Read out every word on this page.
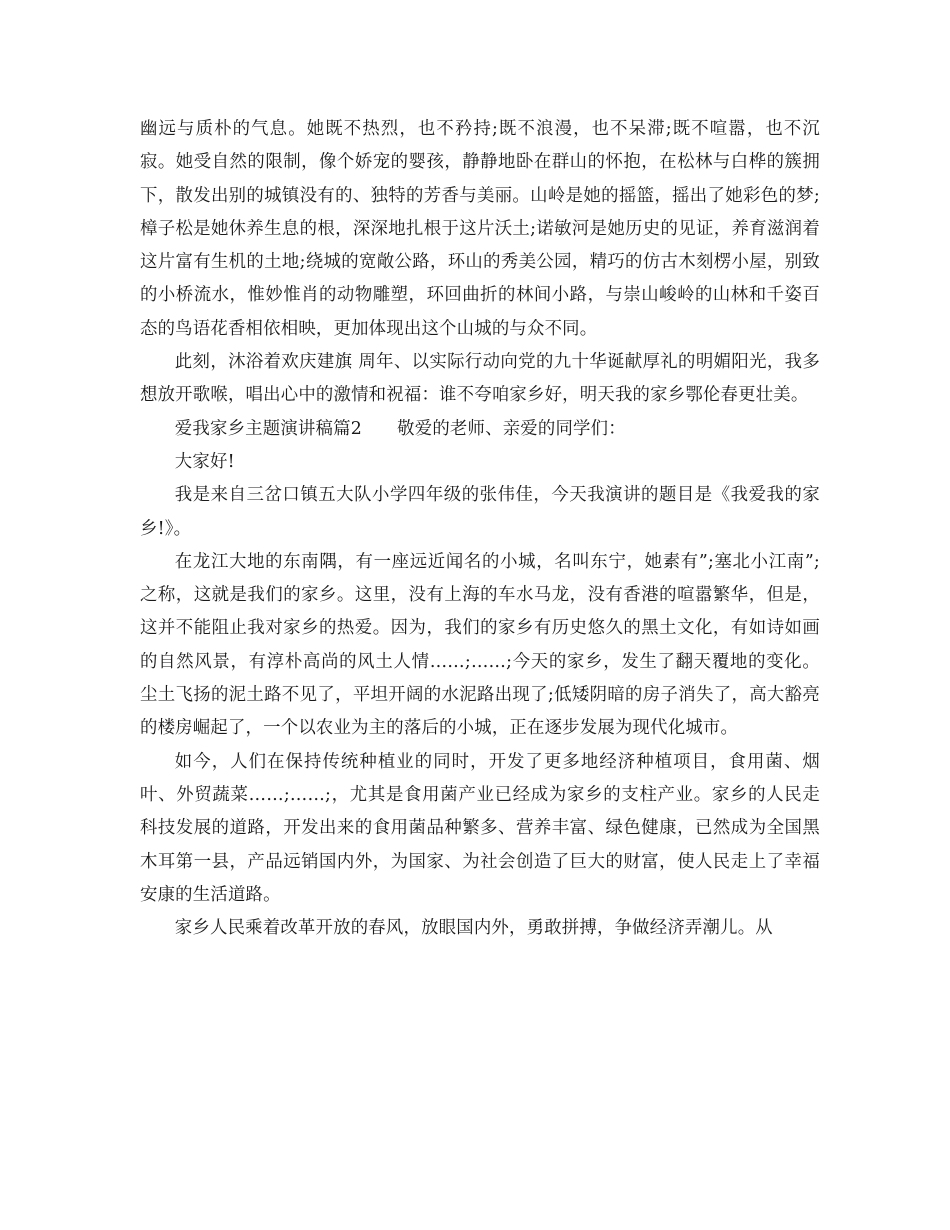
幽远与质朴的气息。她既不热烈，也不矜持;既不浪漫，也不呆滞;既不喧嚣，也不沉寂。她受自然的限制，像个娇宠的婴孩，静静地卧在群山的怀抱，在松林与白桦的簇拥下，散发出别的城镇没有的、独特的芳香与美丽。山岭是她的摇篮，摇出了她彩色的梦;樟子松是她休养生息的根，深深地扎根于这片沃土;诺敏河是她历史的见证，养育滋润着这片富有生机的土地;绕城的宽敞公路，环山的秀美公园，精巧的仿古木刻楞小屋，别致的小桥流水，惟妙惟肖的动物雕塑，环回曲折的林间小路，与崇山峻岭的山林和千姿百态的鸟语花香相依相映，更加体现出这个山城的与众不同。

此刻，沐浴着欢庆建旗 周年、以实际行动向党的九十华诞献厚礼的明媚阳光，我多想放开歌喉，唱出心中的激情和祝福：谁不夸咱家乡好，明天我的家乡鄂伦春更壮美。

爱我家乡主题演讲稿篇2　　敬爱的老师、亲爱的同学们：

大家好!

我是来自三岔口镇五大队小学四年级的张伟佳，今天我演讲的题目是《我爱我的家乡!》。

在龙江大地的东南隅，有一座远近闻名的小城，名叫东宁，她素有”;塞北小江南”;之称，这就是我们的家乡。这里，没有上海的车水马龙，没有香港的喧嚣繁华，但是，这并不能阻止我对家乡的热爱。因为，我们的家乡有历史悠久的黑土文化，有如诗如画的自然风景，有淳朴高尚的风土人情……;……;今天的家乡，发生了翻天覆地的变化。尘土飞扬的泥土路不见了，平坦开阔的水泥路出现了;低矮阴暗的房子消失了，高大豁亮的楼房崛起了，一个以农业为主的落后的小城，正在逐步发展为现代化城市。

如今，人们在保持传统种植业的同时，开发了更多地经济种植项目，食用菌、烟叶、外贸蔬菜……;……;，尤其是食用菌产业已经成为家乡的支柱产业。家乡的人民走科技发展的道路，开发出来的食用菌品种繁多、营养丰富、绿色健康，已然成为全国黑木耳第一县，产品远销国内外，为国家、为社会创造了巨大的财富，使人民走上了幸福安康的生活道路。

家乡人民乘着改革开放的春风，放眼国内外，勇敢拼搏，争做经济弄潮儿。从
